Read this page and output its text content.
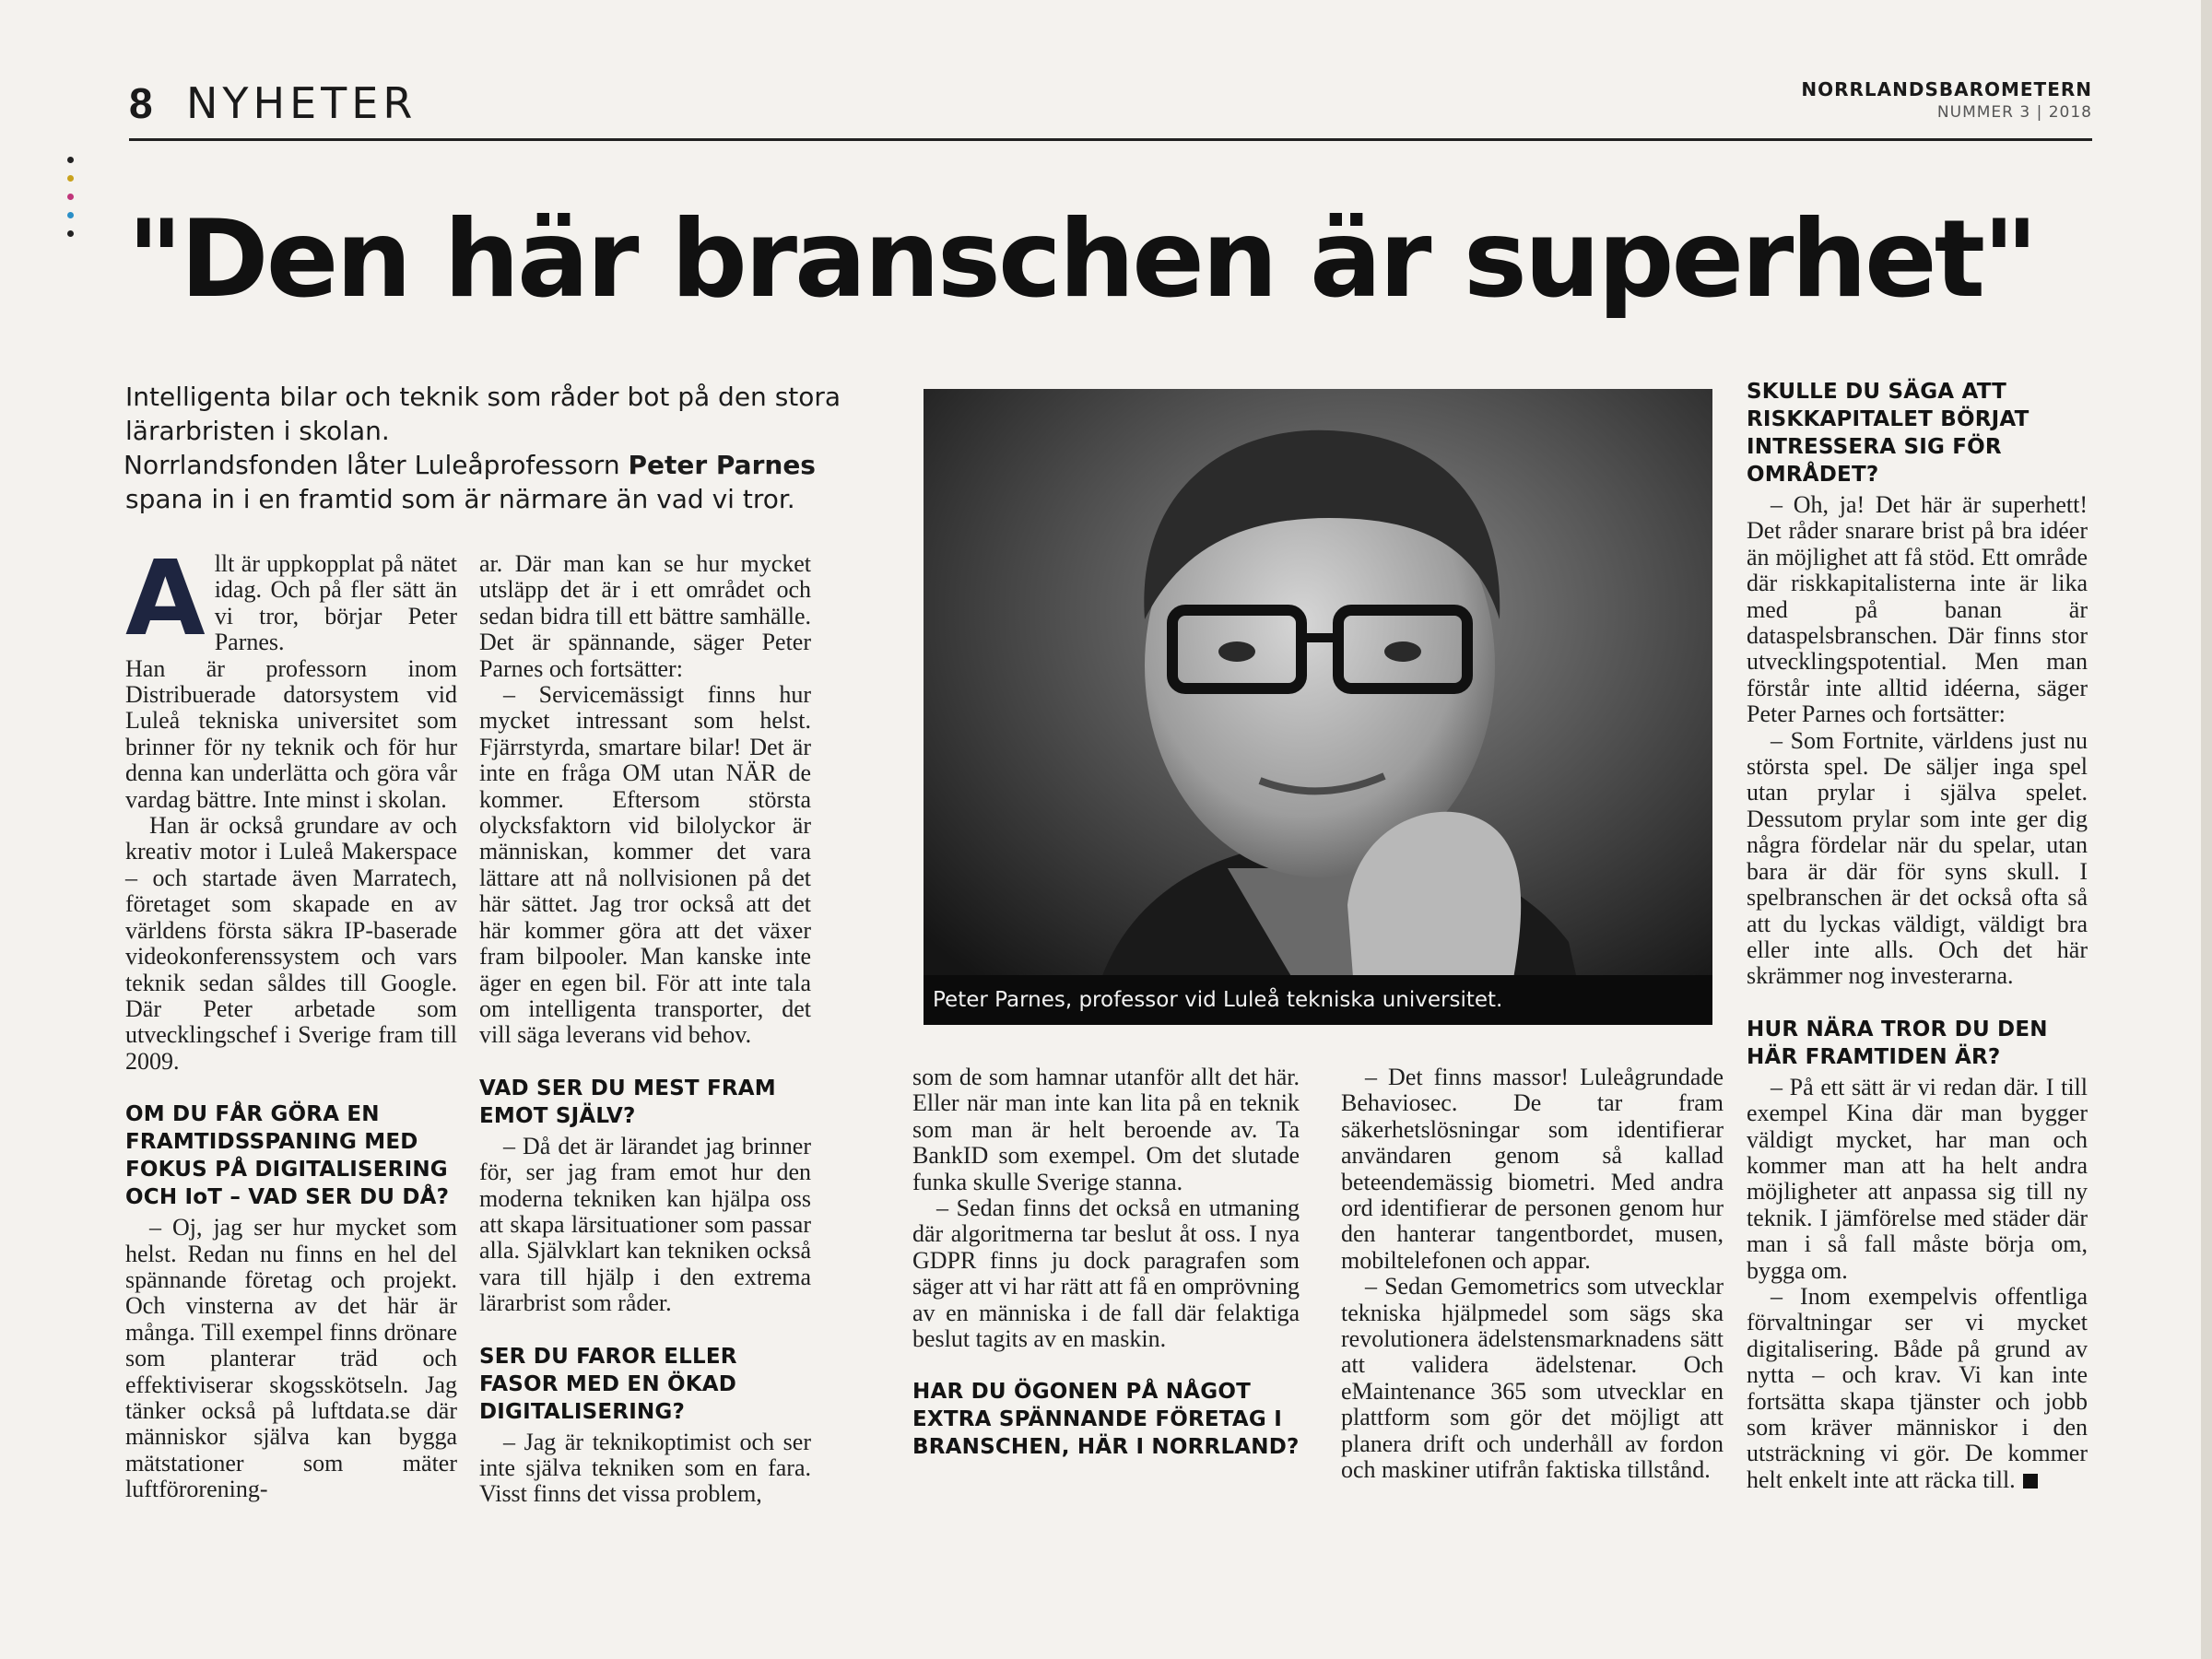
8 NYHETER	NORRLANDSBAROMETERN
NUMMER 3 | 2018
"Den här branschen är superhet"

Intelligenta bilar och teknik som råder bot på den stora lärarbristen i skolan.

Norrlandsfonden låter Luleåprofessorn Peter Parnes spana in i en framtid som är närmare än vad vi tror.

Peter Parnes, professor vid Luleå tekniska universitet.

Allt är uppkopplat på nätet idag. Och på fler sätt än vi tror, börjar Peter Parnes.

Han är professorn inom Distribuerade datorsystem vid Luleå tekniska universitet som brinner för ny teknik och för hur denna kan underlätta och göra vår vardag bättre. Inte minst i skolan.

Han är också grundare av och kreativ motor i Luleå Makerspace – och startade även Marratech, företaget som skapade en av världens första säkra IP-baserade videokonferenssystem och vars teknik sedan såldes till Google. Där Peter arbetade som utvecklingschef i Sverige fram till 2009.

OM DU FÅR GÖRA EN FRAMTIDSSPANING MED FOKUS PÅ DIGITALISERING OCH IoT – VAD SER DU DÅ?

– Oj, jag ser hur mycket som helst. Redan nu finns en hel del spännande företag och projekt. Och vinsterna av det här är många. Till exempel finns drönare som planterar träd och effektiviserar skogsskötseln. Jag tänker också på luftdata.se där människor själva kan bygga mätstationer som mäter luftförorening-

ar. Där man kan se hur mycket utsläpp det är i ett området och sedan bidra till ett bättre samhälle. Det är spännande, säger Peter Parnes och fortsätter:

– Servicemässigt finns hur mycket intressant som helst. Fjärrstyrda, smartare bilar! Det är inte en fråga OM utan NÄR de kommer. Eftersom största olycksfaktorn vid bilolyckor är människan, kommer det vara lättare att nå nollvisionen på det här sättet. Jag tror också att det här kommer göra att det växer fram bilpooler. Man kanske inte äger en egen bil. För att inte tala om intelligenta transporter, det vill säga leverans vid behov.

VAD SER DU MEST FRAM EMOT SJÄLV?

– Då det är lärandet jag brinner för, ser jag fram emot hur den moderna tekniken kan hjälpa oss att skapa lärsituationer som passar alla. Självklart kan tekniken också vara till hjälp i den extrema lärarbrist som råder.

SER DU FAROR ELLER FASOR MED EN ÖKAD DIGITALISERING?

– Jag är teknikoptimist och ser inte själva tekniken som en fara. Visst finns det vissa problem,

som de som hamnar utanför allt det här. Eller när man inte kan lita på en teknik som man är helt beroende av. Ta BankID som exempel. Om det slutade funka skulle Sverige stanna.

– Sedan finns det också en utmaning där algoritmerna tar beslut åt oss. I nya GDPR finns ju dock paragrafen som säger att vi har rätt att få en omprövning av en människa i de fall där felaktiga beslut tagits av en maskin.

HAR DU ÖGONEN PÅ NÅGOT EXTRA SPÄNNANDE FÖRETAG I BRANSCHEN, HÄR I NORRLAND?

– Det finns massor! Luleågrundade Behaviosec. De tar fram säkerhetslösningar som identifierar användaren genom så kallad beteendemässig biometri. Med andra ord identifierar de personen genom hur den hanterar tangentbordet, musen, mobiltelefonen och appar.

– Sedan Gemometrics som utvecklar tekniska hjälpmedel som sägs ska revolutionera ädelstensmarknadens sätt att validera ädelstenar. Och eMaintenance 365 som utvecklar en plattform som gör det möjligt att planera drift och underhåll av fordon och maskiner utifrån faktiska tillstånd.

SKULLE DU SÄGA ATT RISKKAPITALET BÖRJAT INTRESSERA SIG FÖR OMRÅDET?

– Oh, ja! Det här är superhett! Det råder snarare brist på bra idéer än möjlighet att få stöd. Ett område där riskkapitalisterna inte är lika med på banan är dataspelsbranschen. Där finns stor utvecklingspotential. Men man förstår inte alltid idéerna, säger Peter Parnes och fortsätter:

– Som Fortnite, världens just nu största spel. De säljer inga spel utan prylar i själva spelet. Dessutom prylar som inte ger dig några fördelar när du spelar, utan bara är där för syns skull. I spelbranschen är det också ofta så att du lyckas väldigt, väldigt bra eller inte alls. Och det här skrämmer nog investerarna.

HUR NÄRA TROR DU DEN HÄR FRAMTIDEN ÄR?

– På ett sätt är vi redan där. I till exempel Kina där man bygger väldigt mycket, har man och kommer man att ha helt andra möjligheter att anpassa sig till ny teknik. I jämförelse med städer där man i så fall måste börja om, bygga om.

– Inom exempelvis offentliga förvaltningar ser vi mycket digitalisering. Både på grund av nytta – och krav. Vi kan inte fortsätta skapa tjänster och jobb som kräver människor i den utsträckning vi gör. De kommer helt enkelt inte att räcka till.
